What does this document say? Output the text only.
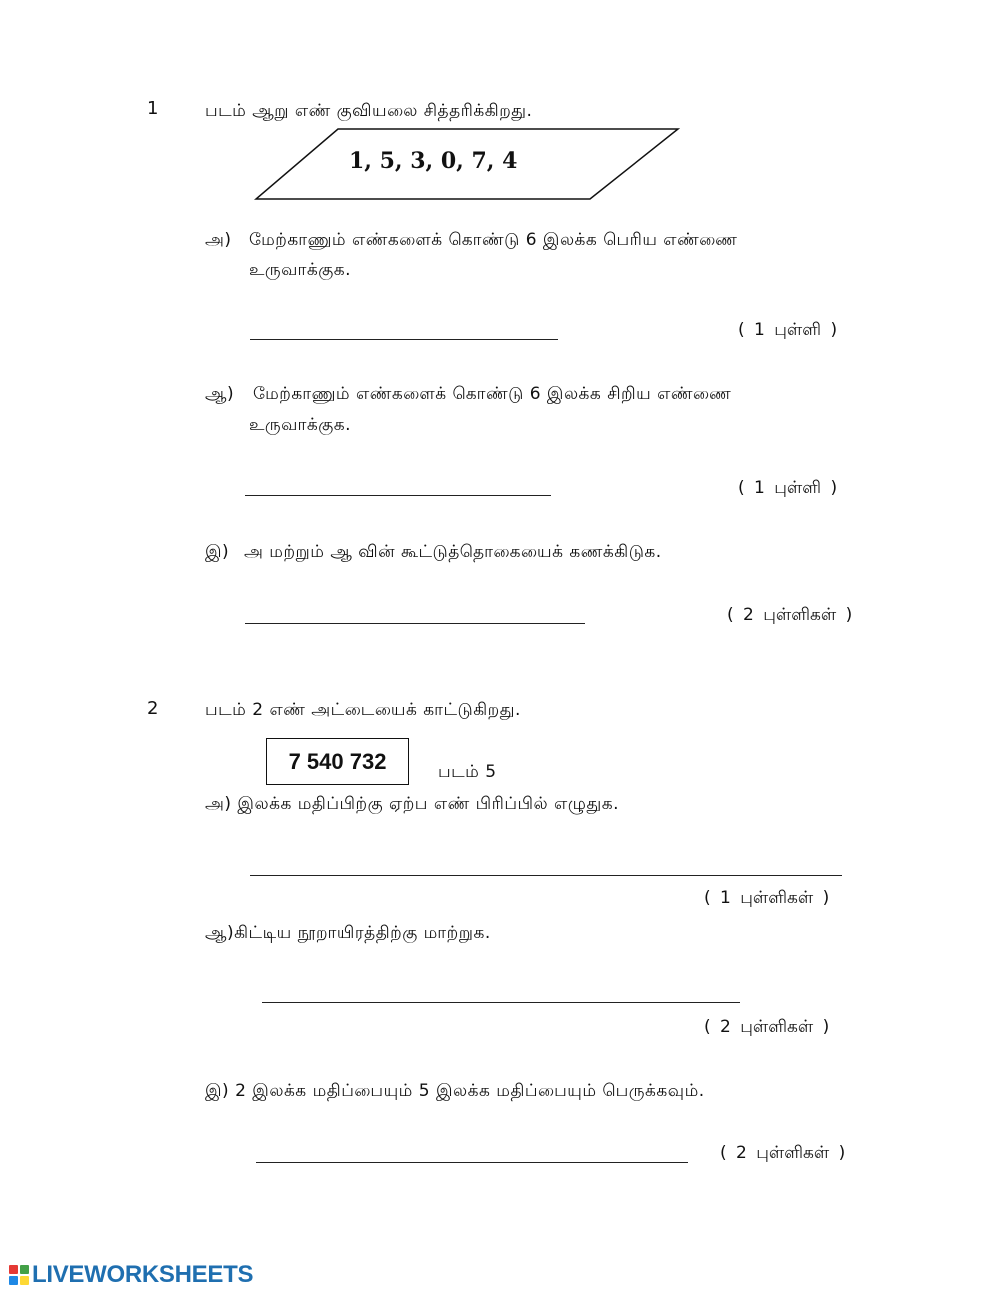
1	படம் ஆறு எண் குவியலை சித்தரிக்கிறது.
1, 5, 3, 0, 7, 4
அ) மேற்காணும் எண்களைக் கொண்டு 6 இலக்க பெரிய எண்ணை
உருவாக்குக.
( 1 புள்ளி )
ஆ) மேற்காணும் எண்களைக் கொண்டு 6 இலக்க சிறிய எண்ணை
உருவாக்குக.
( 1 புள்ளி )
இ) அ மற்றும் ஆ வின் கூட்டுத்தொகையைக் கணக்கிடுக.
( 2 புள்ளிகள் )
2	படம் 2 எண் அட்டையைக் காட்டுகிறது.
7 540 732	படம் 5
அ) இலக்க மதிப்பிற்கு ஏற்ப எண் பிரிப்பில் எழுதுக.
( 1 புள்ளிகள் )
ஆ)கிட்டிய நூறாயிரத்திற்கு மாற்றுக.
( 2 புள்ளிகள் )
இ) 2 இலக்க மதிப்பையும் 5 இலக்க மதிப்பையும் பெருக்கவும்.
( 2 புள்ளிகள் )
LIVEWORKSHEETS
